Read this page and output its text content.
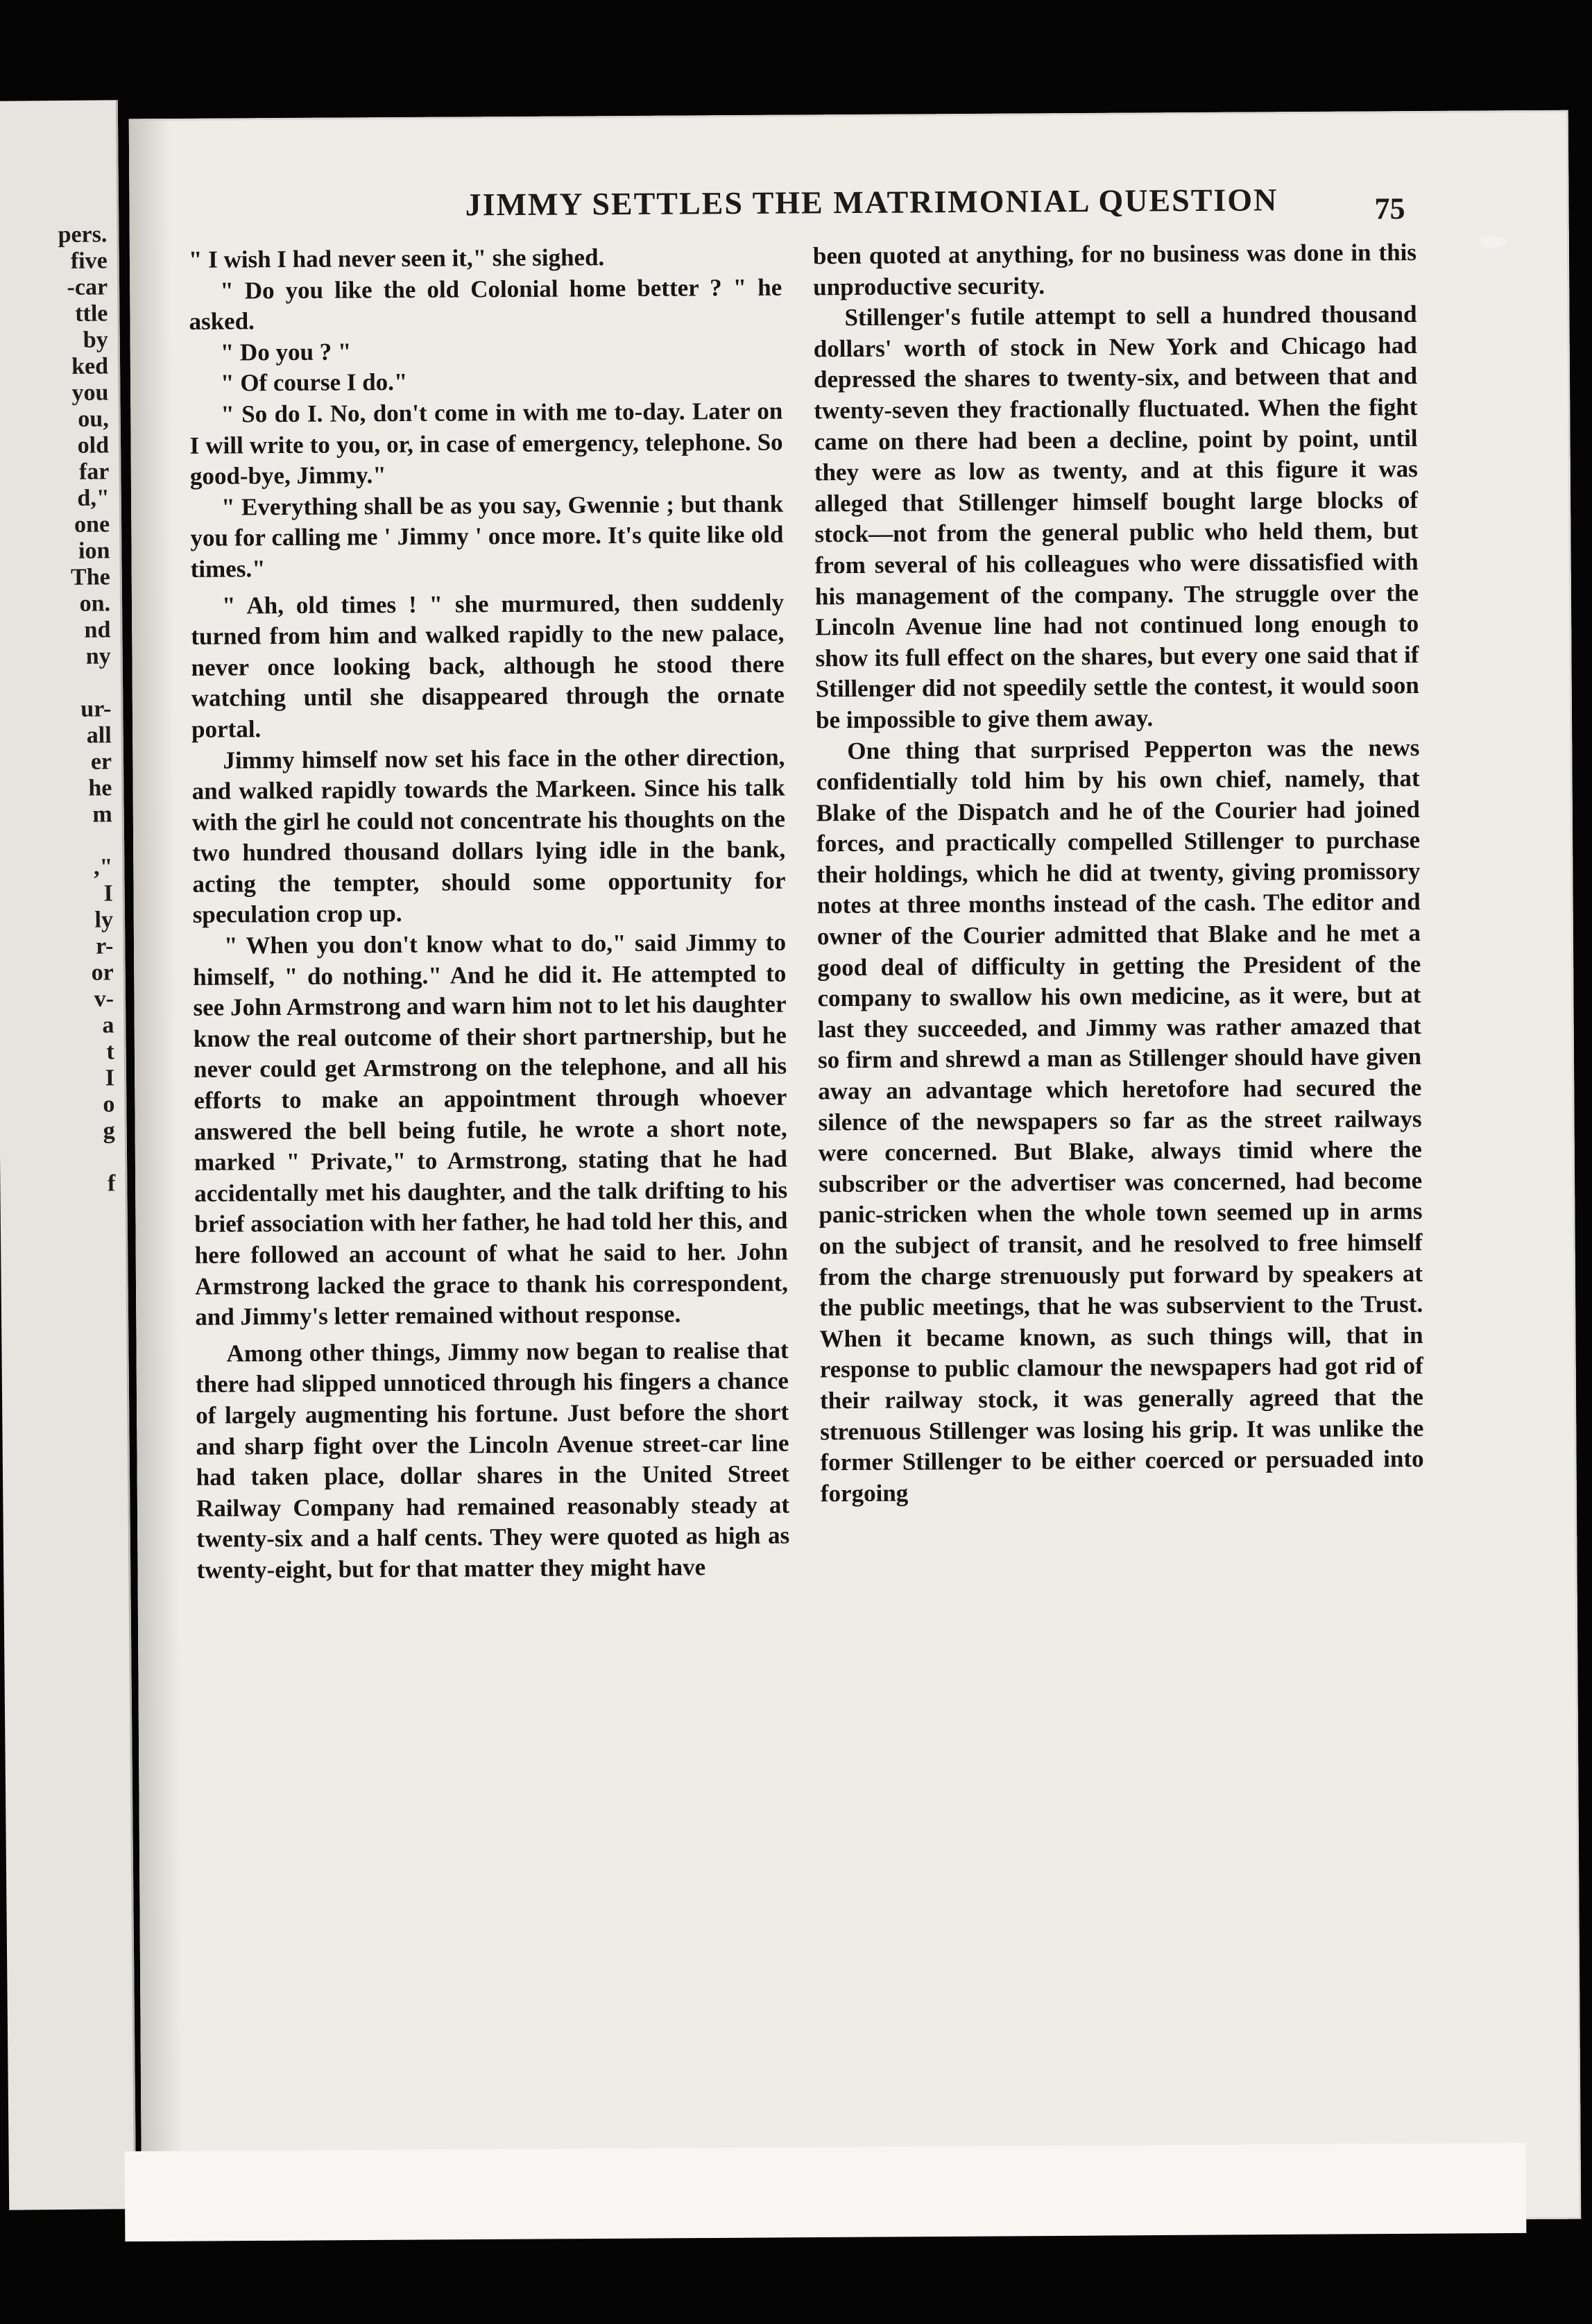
pers.
five
-car
ttle
by
ked
you
ou,
old
far
d,"
one
ion
The
on.
nd
ny
ur-
all
er
he
m
,"
I
ly
r-
or
v-
a
t
I
o
g
f
JIMMY SETTLES THE MATRIMONIAL QUESTION	75

" I wish I had never seen it," she sighed.

" Do you like the old Colonial home better ? " he asked.

" Do you ? "

" Of course I do."

" So do I. No, don't come in with me to-day. Later on I will write to you, or, in case of emergency, telephone. So good-bye, Jimmy."

" Everything shall be as you say, Gwennie ; but thank you for calling me ' Jimmy ' once more. It's quite like old times."

" Ah, old times ! " she murmured, then suddenly turned from him and walked rapidly to the new palace, never once looking back, although he stood there watching until she disappeared through the ornate portal.

Jimmy himself now set his face in the other direction, and walked rapidly towards the Markeen. Since his talk with the girl he could not concentrate his thoughts on the two hundred thousand dollars lying idle in the bank, acting the tempter, should some opportunity for speculation crop up.

" When you don't know what to do," said Jimmy to himself, " do nothing." And he did it. He attempted to see John Armstrong and warn him not to let his daughter know the real outcome of their short partnership, but he never could get Armstrong on the telephone, and all his efforts to make an appointment through whoever answered the bell being futile, he wrote a short note, marked " Private," to Armstrong, stating that he had accidentally met his daughter, and the talk drifting to his brief association with her father, he had told her this, and here followed an account of what he said to her. John Armstrong lacked the grace to thank his correspondent, and Jimmy's letter remained without response.

Among other things, Jimmy now began to realise that there had slipped unnoticed through his fingers a chance of largely augmenting his fortune. Just before the short and sharp fight over the Lincoln Avenue street-car line had taken place, dollar shares in the United Street Railway Company had remained reasonably steady at twenty-six and a half cents. They were quoted as high as twenty-eight, but for that matter they might have

been quoted at anything, for no business was done in this unproductive security.

Stillenger's futile attempt to sell a hundred thousand dollars' worth of stock in New York and Chicago had depressed the shares to twenty-six, and between that and twenty-seven they fractionally fluctuated. When the fight came on there had been a decline, point by point, until they were as low as twenty, and at this figure it was alleged that Stillenger himself bought large blocks of stock—not from the general public who held them, but from several of his colleagues who were dissatisfied with his management of the company. The struggle over the Lincoln Avenue line had not continued long enough to show its full effect on the shares, but every one said that if Stillenger did not speedily settle the contest, it would soon be impossible to give them away.

One thing that surprised Pepperton was the news confidentially told him by his own chief, namely, that Blake of the Dispatch and he of the Courier had joined forces, and practically compelled Stillenger to purchase their holdings, which he did at twenty, giving promissory notes at three months instead of the cash. The editor and owner of the Courier admitted that Blake and he met a good deal of difficulty in getting the President of the company to swallow his own medicine, as it were, but at last they succeeded, and Jimmy was rather amazed that so firm and shrewd a man as Stillenger should have given away an advantage which heretofore had secured the silence of the newspapers so far as the street railways were concerned. But Blake, always timid where the subscriber or the advertiser was concerned, had become panic-stricken when the whole town seemed up in arms on the subject of transit, and he resolved to free himself from the charge strenuously put forward by speakers at the public meetings, that he was subservient to the Trust. When it became known, as such things will, that in response to public clamour the newspapers had got rid of their railway stock, it was generally agreed that the strenuous Stillenger was losing his grip. It was unlike the former Stillenger to be either coerced or persuaded into forgoing
